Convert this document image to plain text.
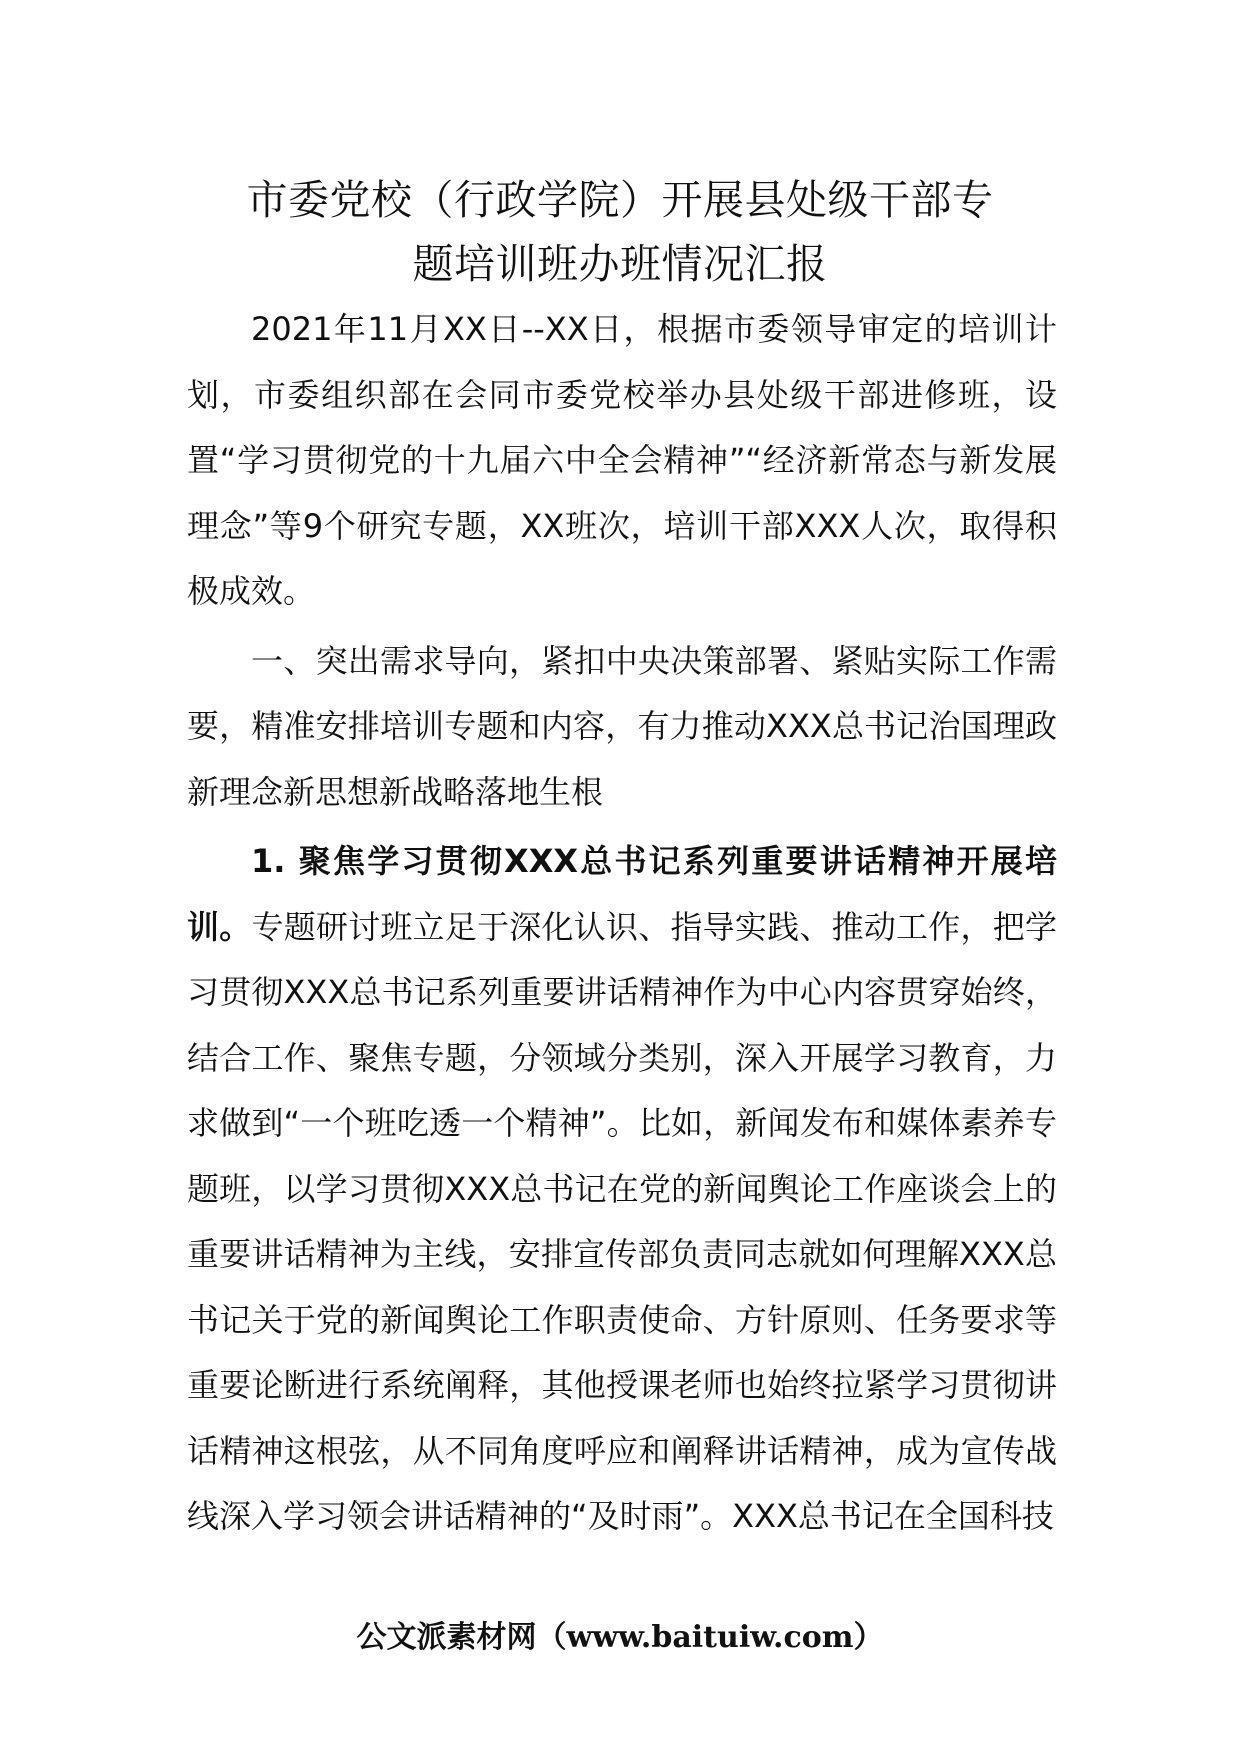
市委党校（行政学院）开展县处级干部专
题培训班办班情况汇报

2021年11月XX日--XX日，根据市委领导审定的培训计划，市委组织部在会同市委党校举办县处级干部进修班，设置“学习贯彻党的十九届六中全会精神”“经济新常态与新发展理念”等9个研究专题，XX班次，培训干部XXX人次，取得积极成效。

一、突出需求导向，紧扣中央决策部署、紧贴实际工作需要，精准安排培训专题和内容，有力推动XXX总书记治国理政新理念新思想新战略落地生根

1. 聚焦学习贯彻XXX总书记系列重要讲话精神开展培训。专题研讨班立足于深化认识、指导实践、推动工作，把学习贯彻XXX总书记系列重要讲话精神作为中心内容贯穿始终，结合工作、聚焦专题，分领域分类别，深入开展学习教育，力求做到“一个班吃透一个精神”。比如，新闻发布和媒体素养专题班，以学习贯彻XXX总书记在党的新闻舆论工作座谈会上的重要讲话精神为主线，安排宣传部负责同志就如何理解XXX总书记关于党的新闻舆论工作职责使命、方针原则、任务要求等重要论断进行系统阐释，其他授课老师也始终拉紧学习贯彻讲话精神这根弦，从不同角度呼应和阐释讲话精神，成为宣传战线深入学习领会讲话精神的“及时雨”。XXX总书记在全国科技

公文派素材网（www.baituiw.com）
